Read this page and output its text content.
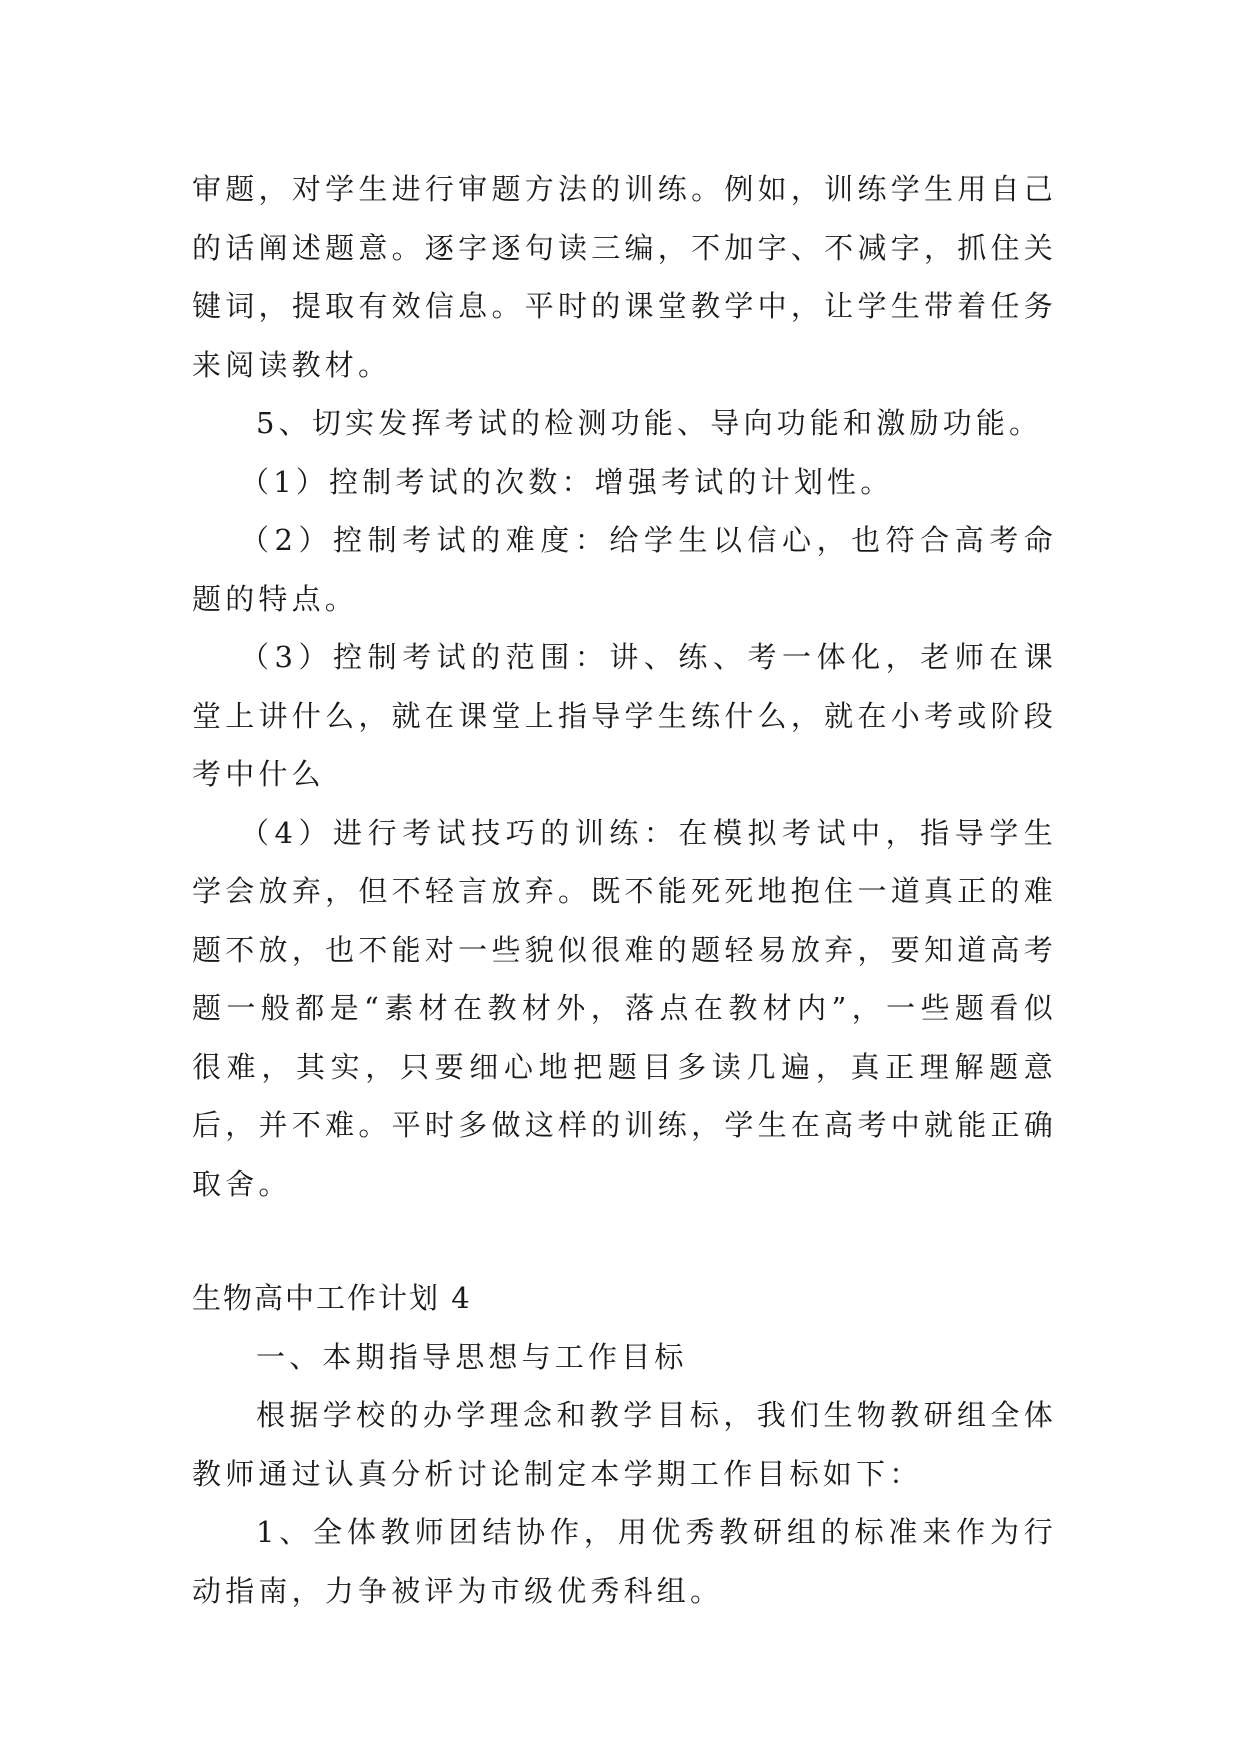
审题，对学生进行审题方法的训练。例如，训练学生用自己的话阐述题意。逐字逐句读三编，不加字、不减字，抓住关键词，提取有效信息。平时的课堂教学中，让学生带着任务来阅读教材。

5、切实发挥考试的检测功能、导向功能和激励功能。

（1）控制考试的次数：增强考试的计划性。

（2）控制考试的难度：给学生以信心，也符合高考命题的特点。

（3）控制考试的范围：讲、练、考一体化，老师在课堂上讲什么，就在课堂上指导学生练什么，就在小考或阶段考中什么

（4）进行考试技巧的训练：在模拟考试中，指导学生学会放弃，但不轻言放弃。既不能死死地抱住一道真正的难题不放，也不能对一些貌似很难的题轻易放弃，要知道高考题一般都是“素材在教材外，落点在教材内”，一些题看似很难，其实，只要细心地把题目多读几遍，真正理解题意后，并不难。平时多做这样的训练，学生在高考中就能正确取舍。

生物高中工作计划 4

一、本期指导思想与工作目标

根据学校的办学理念和教学目标，我们生物教研组全体教师通过认真分析讨论制定本学期工作目标如下：

1、全体教师团结协作，用优秀教研组的标准来作为行动指南，力争被评为市级优秀科组。
